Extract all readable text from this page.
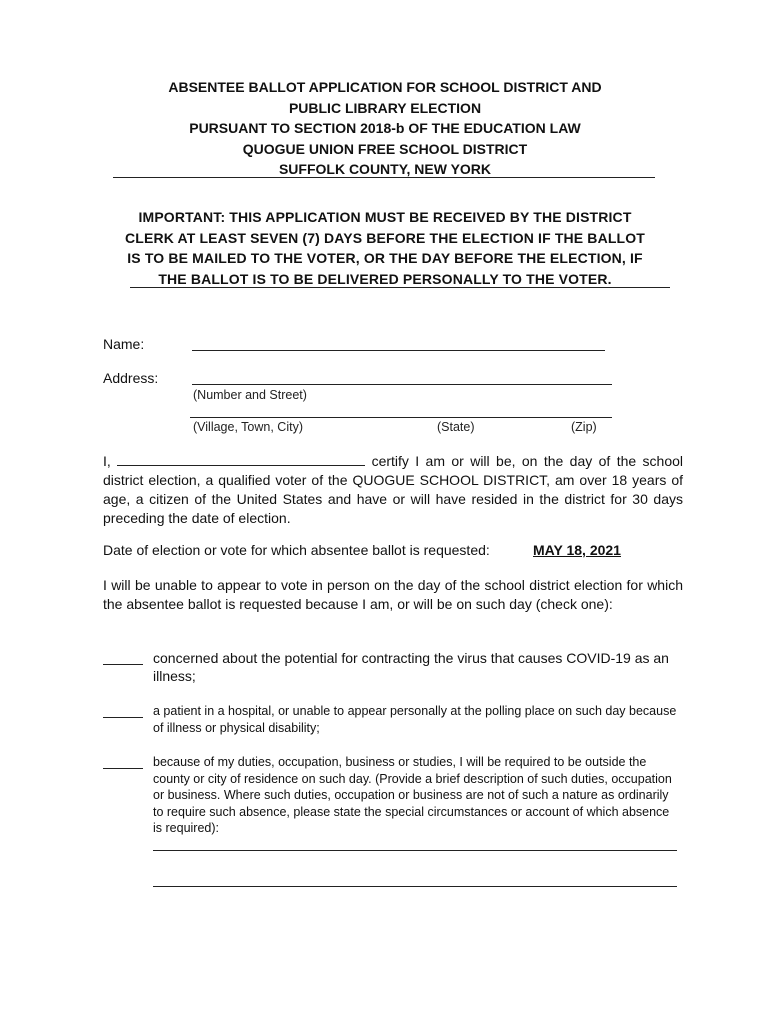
ABSENTEE BALLOT APPLICATION FOR SCHOOL DISTRICT AND
PUBLIC LIBRARY ELECTION
PURSUANT TO SECTION 2018-b OF THE EDUCATION LAW
QUOGUE UNION FREE SCHOOL DISTRICT
SUFFOLK COUNTY, NEW YORK
IMPORTANT: THIS APPLICATION MUST BE RECEIVED BY THE DISTRICT
CLERK AT LEAST SEVEN (7) DAYS BEFORE THE ELECTION IF THE BALLOT
IS TO BE MAILED TO THE VOTER, OR THE DAY BEFORE THE ELECTION, IF
THE BALLOT IS TO BE DELIVERED PERSONALLY TO THE VOTER.
Name:
Address:
(Number and Street)
(Village, Town, City)	(State)	(Zip)
I,	certify I am or will be, on the day of the school district election, a qualified voter of the QUOGUE SCHOOL DISTRICT, am over 18 years of age, a citizen of the United States and have or will have resided in the district for 30 days preceding the date of election.
Date of election or vote for which absentee ballot is requested:	MAY 18, 2021
I will be unable to appear to vote in person on the day of the school district election for which the absentee ballot is requested because I am, or will be on such day (check one):
concerned about the potential for contracting the virus that causes COVID-19 as an illness;
a patient in a hospital, or unable to appear personally at the polling place on such day because of illness or physical disability;
because of my duties, occupation, business or studies, I will be required to be outside the county or city of residence on such day. (Provide a brief description of such duties, occupation or business. Where such duties, occupation or business are not of such a nature as ordinarily to require such absence, please state the special circumstances or account of which absence is required):
